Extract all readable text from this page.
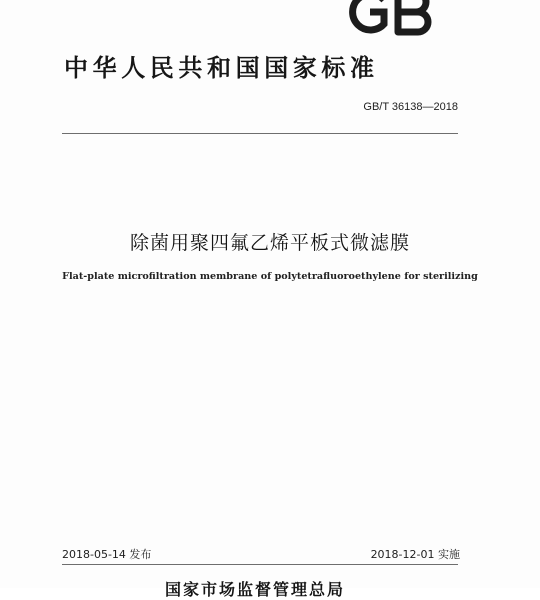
中华人民共和国国家标准
GB/T 36138—2018
除菌用聚四氟乙烯平板式微滤膜
Flat-plate microfiltration membrane of polytetrafluoroethylene for sterilizing
2018-05-14 发布	2018-12-01 实施
国家市场监督管理总局
